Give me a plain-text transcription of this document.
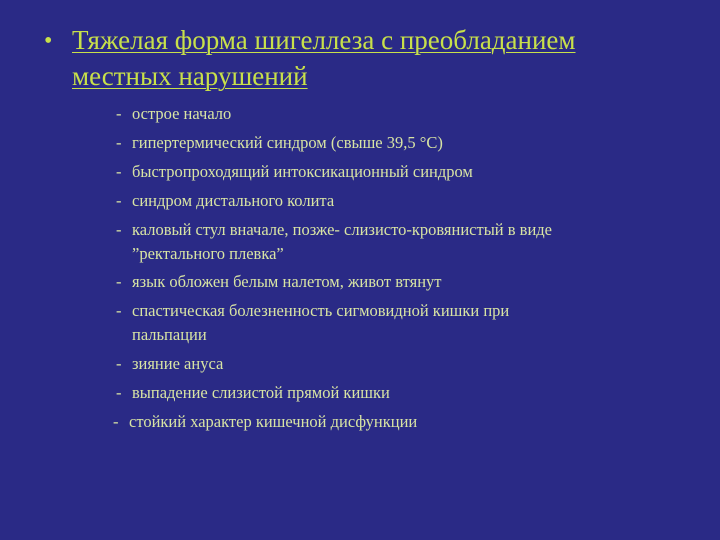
• Тяжелая форма шигеллеза с преобладанием
местных нарушений
- острое начало
- гипертермический синдром (свыше 39,5 °С)
- быстропроходящий интоксикационный синдром
- синдром дистального колита
- каловый стул вначале, позже- слизисто-кровянистый в виде
”ректального плевка”
- язык обложен белым налетом, живот втянут
- спастическая болезненность сигмовидной кишки при
пальпации
- зияние ануса
- выпадение слизистой прямой кишки
- стойкий характер кишечной дисфункции
